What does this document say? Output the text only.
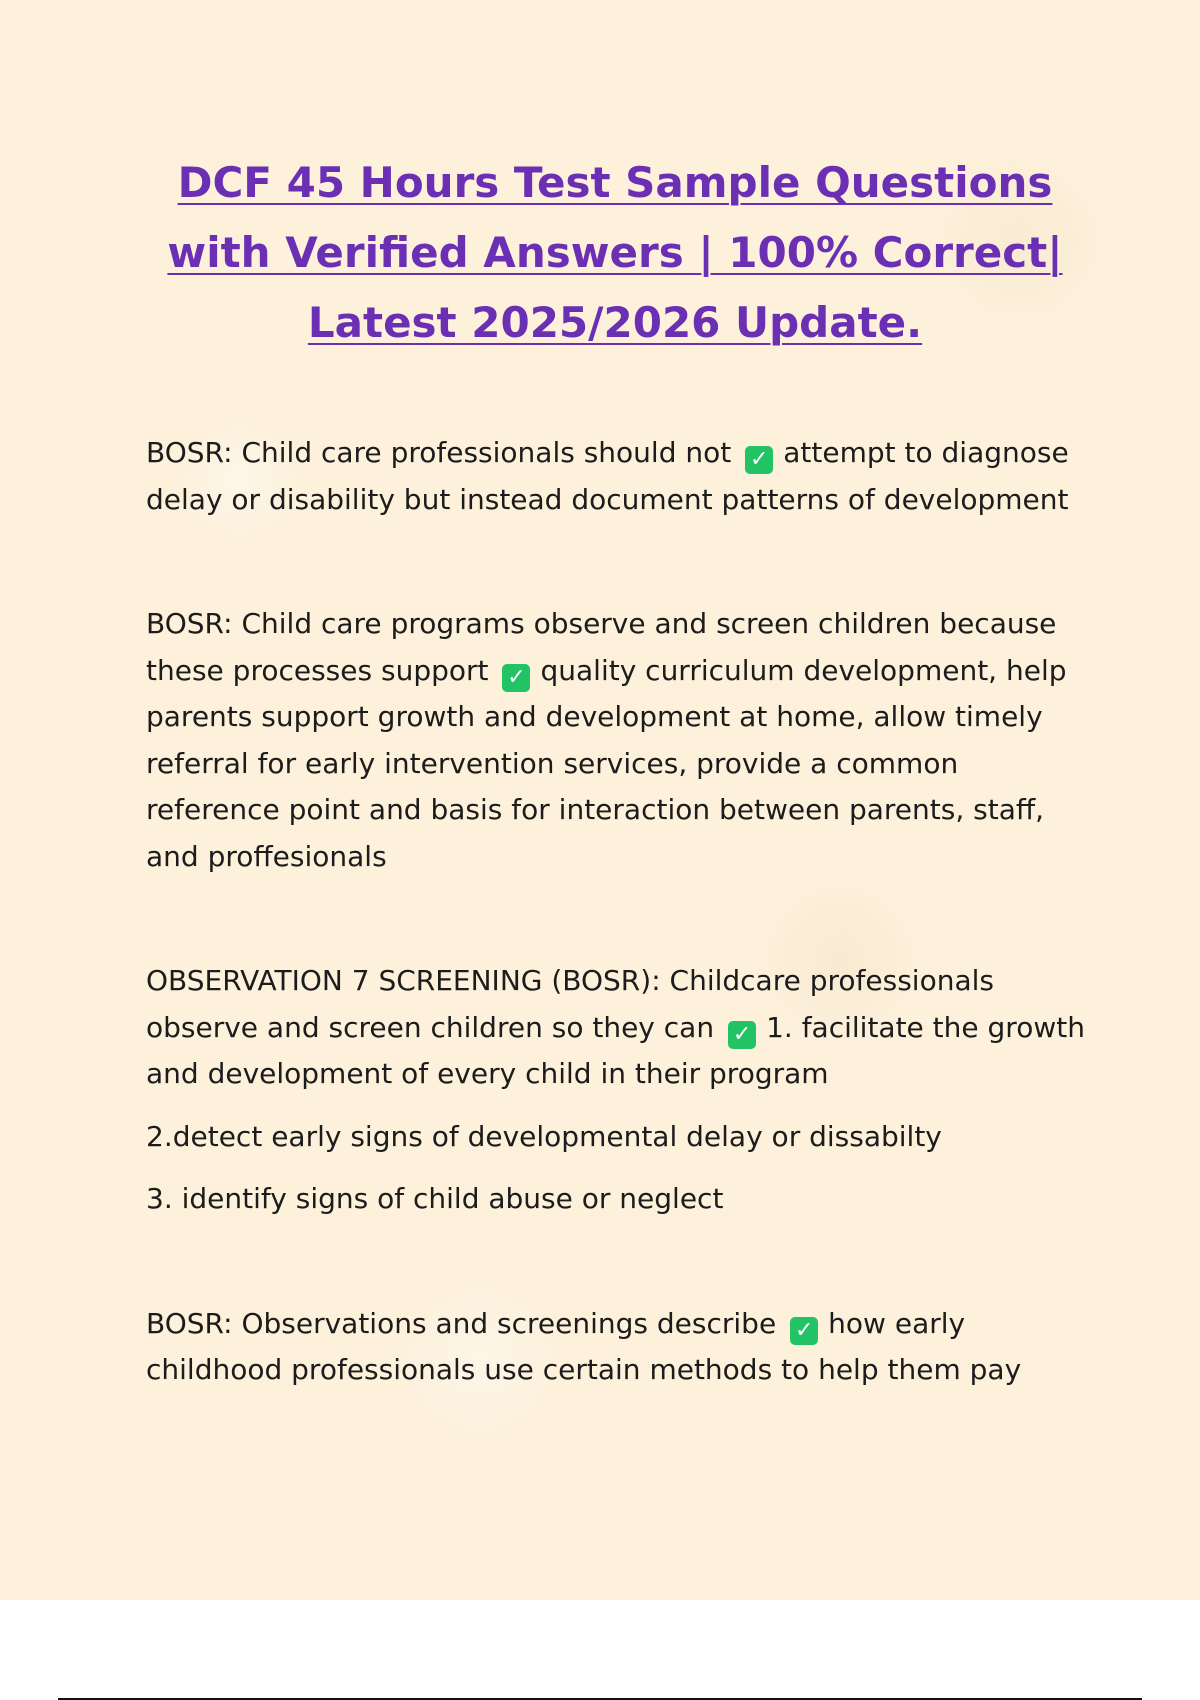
DCF 45 Hours Test Sample Questions with Verified Answers | 100% Correct| Latest 2025/2026 Update.

BOSR: Child care professionals should not ✓ attempt to diagnose delay or disability but instead document patterns of development

BOSR: Child care programs observe and screen children because these processes support ✓ quality curriculum development, help parents support growth and development at home, allow timely referral for early intervention services, provide a common reference point and basis for interaction between parents, staff, and proffesionals

OBSERVATION 7 SCREENING (BOSR): Childcare professionals observe and screen children so they can ✓ 1. facilitate the growth and development of every child in their program

2.detect early signs of developmental delay or dissabilty

3. identify signs of child abuse or neglect

BOSR: Observations and screenings describe ✓ how early childhood professionals use certain methods to help them pay
